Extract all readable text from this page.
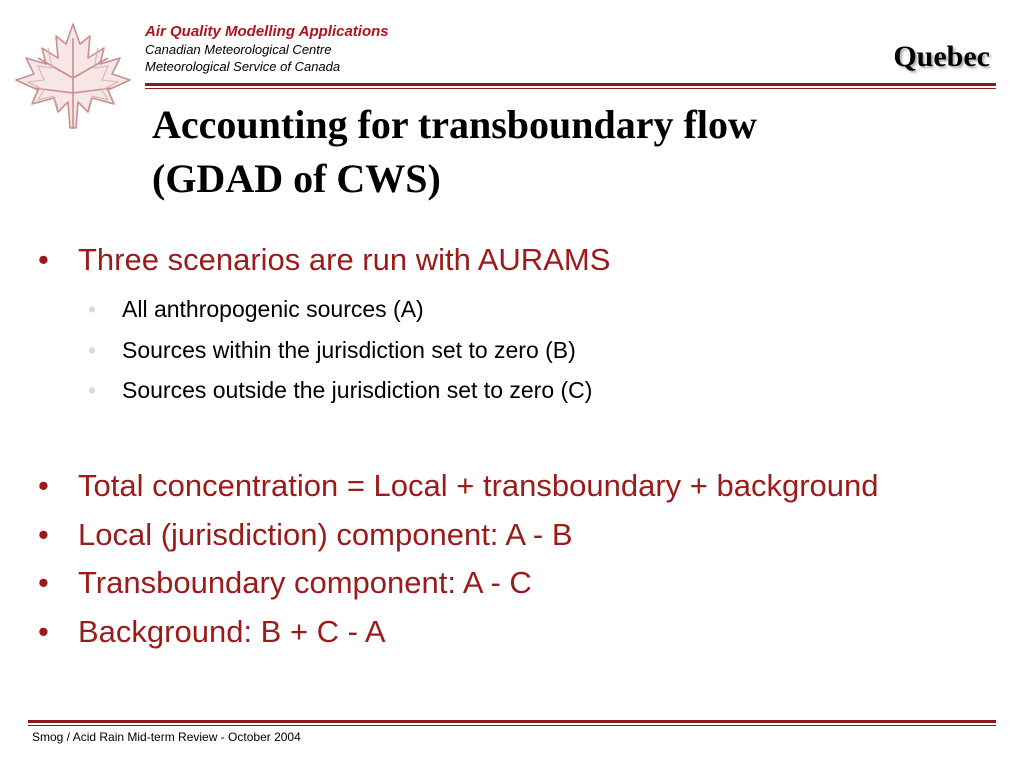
Air Quality Modelling Applications
Canadian Meteorological Centre
Meteorological Service of Canada	Quebec
Accounting for transboundary flow
(GDAD of CWS)
• Three scenarios are run with AURAMS
• All anthropogenic sources (A)
• Sources within the jurisdiction set to zero (B)
• Sources outside the jurisdiction set to zero (C)
• Total concentration = Local + transboundary + background
• Local (jurisdiction) component: A - B
• Transboundary component: A - C
• Background: B + C - A
Smog / Acid Rain Mid-term Review - October 2004
